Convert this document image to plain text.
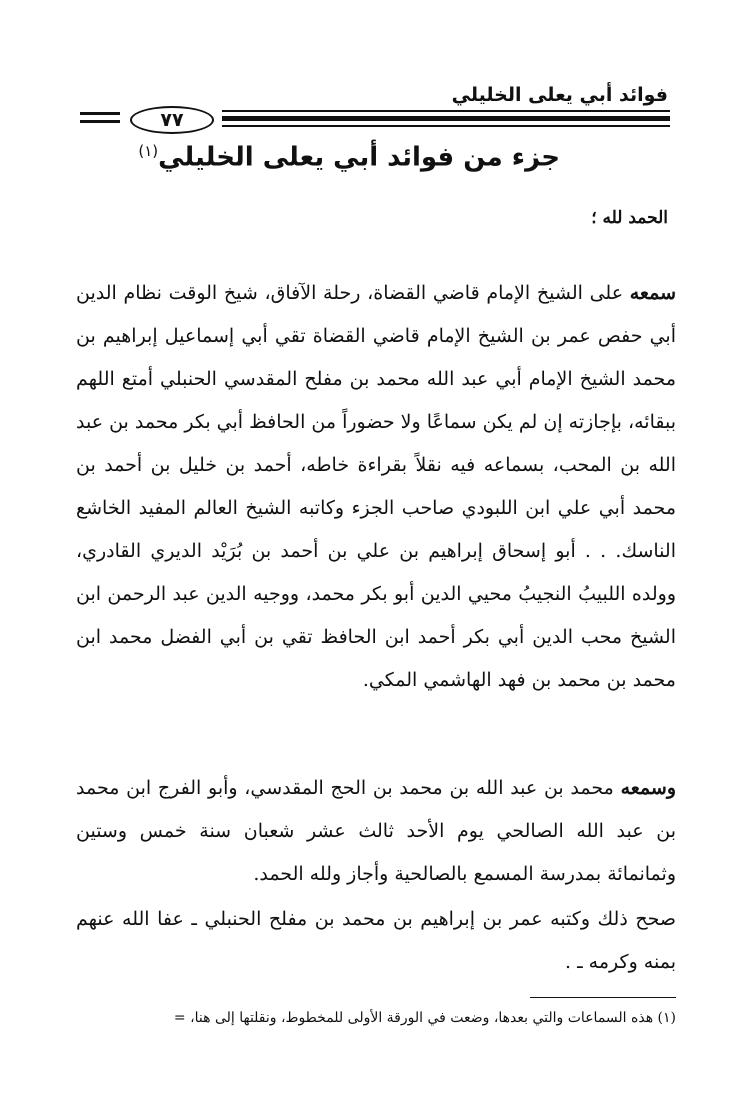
فوائد أبي يعلى الخليلي
٧٧
جزء من فوائد أبي يعلى الخليلي$^{(١)}$
الحمد لله ؛
سمعه على الشيخ الإمام قاضي القضاة، رحلة الآفاق، شيخ الوقت نظام الدين أبي حفص عمر بن الشيخ الإمام قاضي القضاة تقي أبي إسماعيل إبراهيم بن محمد الشيخ الإمام أبي عبد الله محمد بن مفلح المقدسي الحنبلي أمتع اللهم ببقائه، بإجازته إن لم يكن سماعًا ولا حضوراً من الحافظ أبي بكر محمد بن عبد الله بن المحب، بسماعه فيه نقلاً بقراءة خاطه، أحمد بن خليل بن أحمد بن محمد أبي علي ابن اللبودي صاحب الجزء وكاتبه الشيخ العالم المفيد الخاشع الناسك. . . أبو إسحاق إبراهيم بن علي بن أحمد بن بُرَيْد الديري القادري، وولده اللبيبُ النجيبُ محيي الدين أبو بكر محمد، ووجيه الدين عبد الرحمن ابن الشيخ محب الدين أبي بكر أحمد ابن الحافظ تقي بن أبي الفضل محمد ابن محمد بن محمد بن فهد الهاشمي المكي.
وسمعه محمد بن عبد الله بن محمد بن الحج المقدسي، وأبو الفرج ابن محمد بن عبد الله الصالحي يوم الأحد ثالث عشر شعبان سنة خمس وستين وثمانمائة بمدرسة المسمع بالصالحية وأجاز ولله الحمد.
صحح ذلك وكتبه عمر بن إبراهيم بن محمد بن مفلح الحنبلي ـ عفا الله عنهم بمنه وكرمه ـ .
(١) هذه السماعات والتي بعدها، وضعت في الورقة الأولى للمخطوط، ونقلتها إلى هنا، =
